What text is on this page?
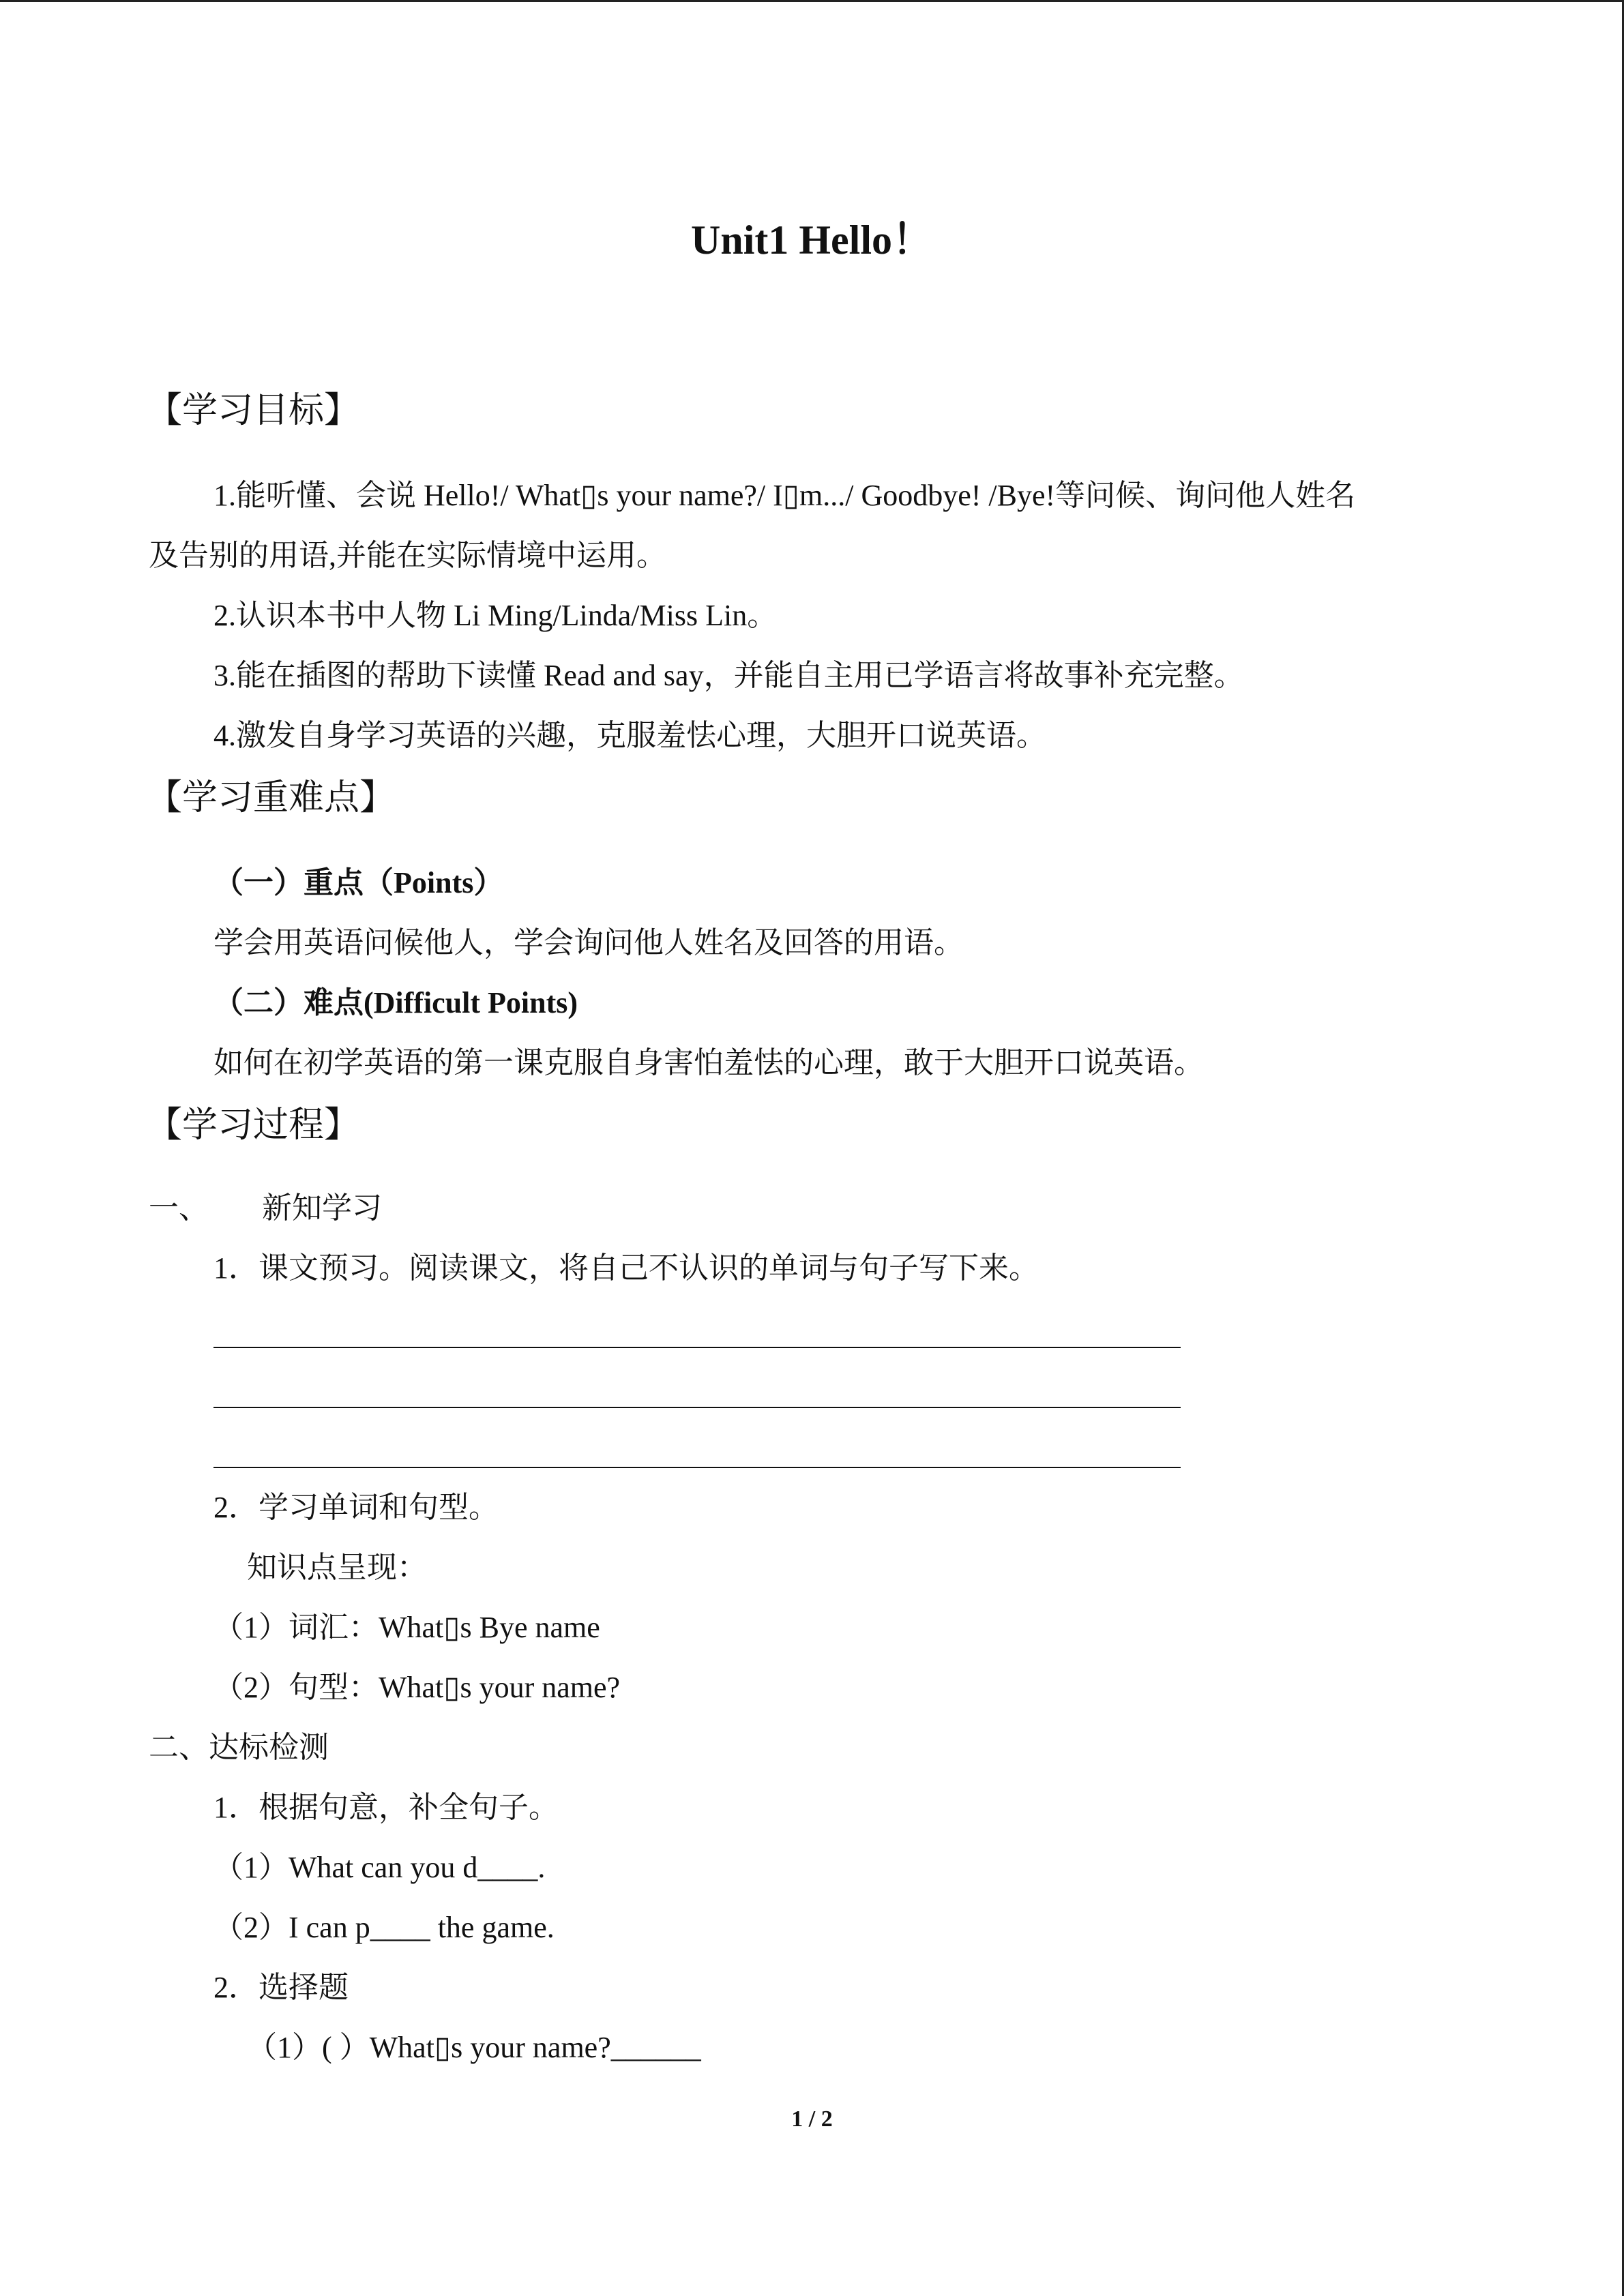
Unit1 Hello！
【学习目标】
1.能听懂、会说 Hello!/ What▯s your name?/ I▯m.../ Goodbye! /Bye!等问候、询问他人姓名
及告别的用语,并能在实际情境中运用。
2.认识本书中人物 Li Ming/Linda/Miss Lin。
3.能在插图的帮助下读懂 Read and say，并能自主用已学语言将故事补充完整。
4.激发自身学习英语的兴趣，克服羞怯心理，大胆开口说英语。
【学习重难点】
（一）重点（Points）
学会用英语问候他人，学会询问他人姓名及回答的用语。
（二）难点(Difficult Points)
如何在初学英语的第一课克服自身害怕羞怯的心理，敢于大胆开口说英语。
【学习过程】
一、 新知学习
1．课文预习。阅读课文，将自己不认识的单词与句子写下来。
2．学习单词和句型。
知识点呈现：
（1）词汇：What▯s Bye name
（2）句型：What▯s your name?
二、达标检测
1．根据句意，补全句子。
（1）What can you d____.
（2）I can p____ the game.
2．选择题
（1）( ）What▯s your name?______
1 / 2
